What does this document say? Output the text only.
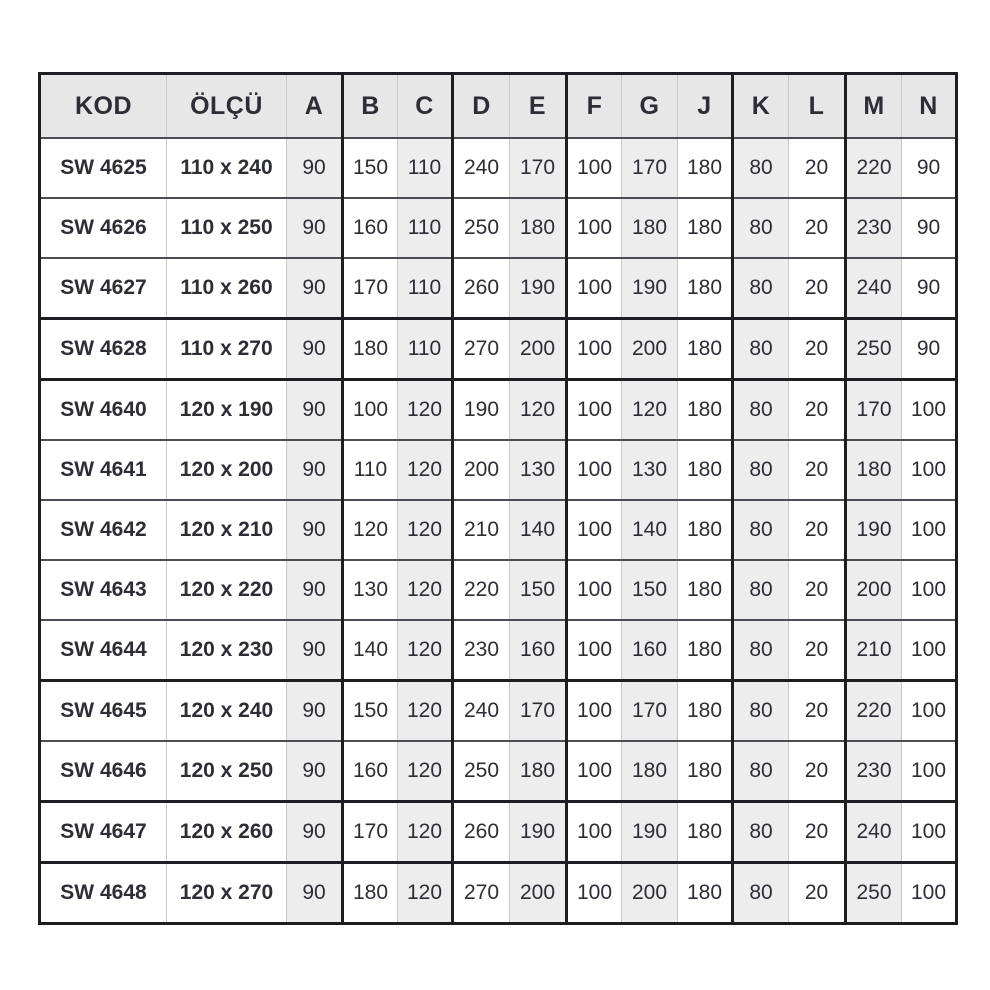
KOD	ÖLÇÜ	A	B	C	D	E	F	G	J	K	L	M	N
SW 4625	110 x 240	90	150	110	240	170	100	170	180	80	20	220	90
SW 4626	110 x 250	90	160	110	250	180	100	180	180	80	20	230	90
SW 4627	110 x 260	90	170	110	260	190	100	190	180	80	20	240	90
SW 4628	110 x 270	90	180	110	270	200	100	200	180	80	20	250	90
SW 4640	120 x 190	90	100	120	190	120	100	120	180	80	20	170	100
SW 4641	120 x 200	90	110	120	200	130	100	130	180	80	20	180	100
SW 4642	120 x 210	90	120	120	210	140	100	140	180	80	20	190	100
SW 4643	120 x 220	90	130	120	220	150	100	150	180	80	20	200	100
SW 4644	120 x 230	90	140	120	230	160	100	160	180	80	20	210	100
SW 4645	120 x 240	90	150	120	240	170	100	170	180	80	20	220	100
SW 4646	120 x 250	90	160	120	250	180	100	180	180	80	20	230	100
SW 4647	120 x 260	90	170	120	260	190	100	190	180	80	20	240	100
SW 4648	120 x 270	90	180	120	270	200	100	200	180	80	20	250	100
